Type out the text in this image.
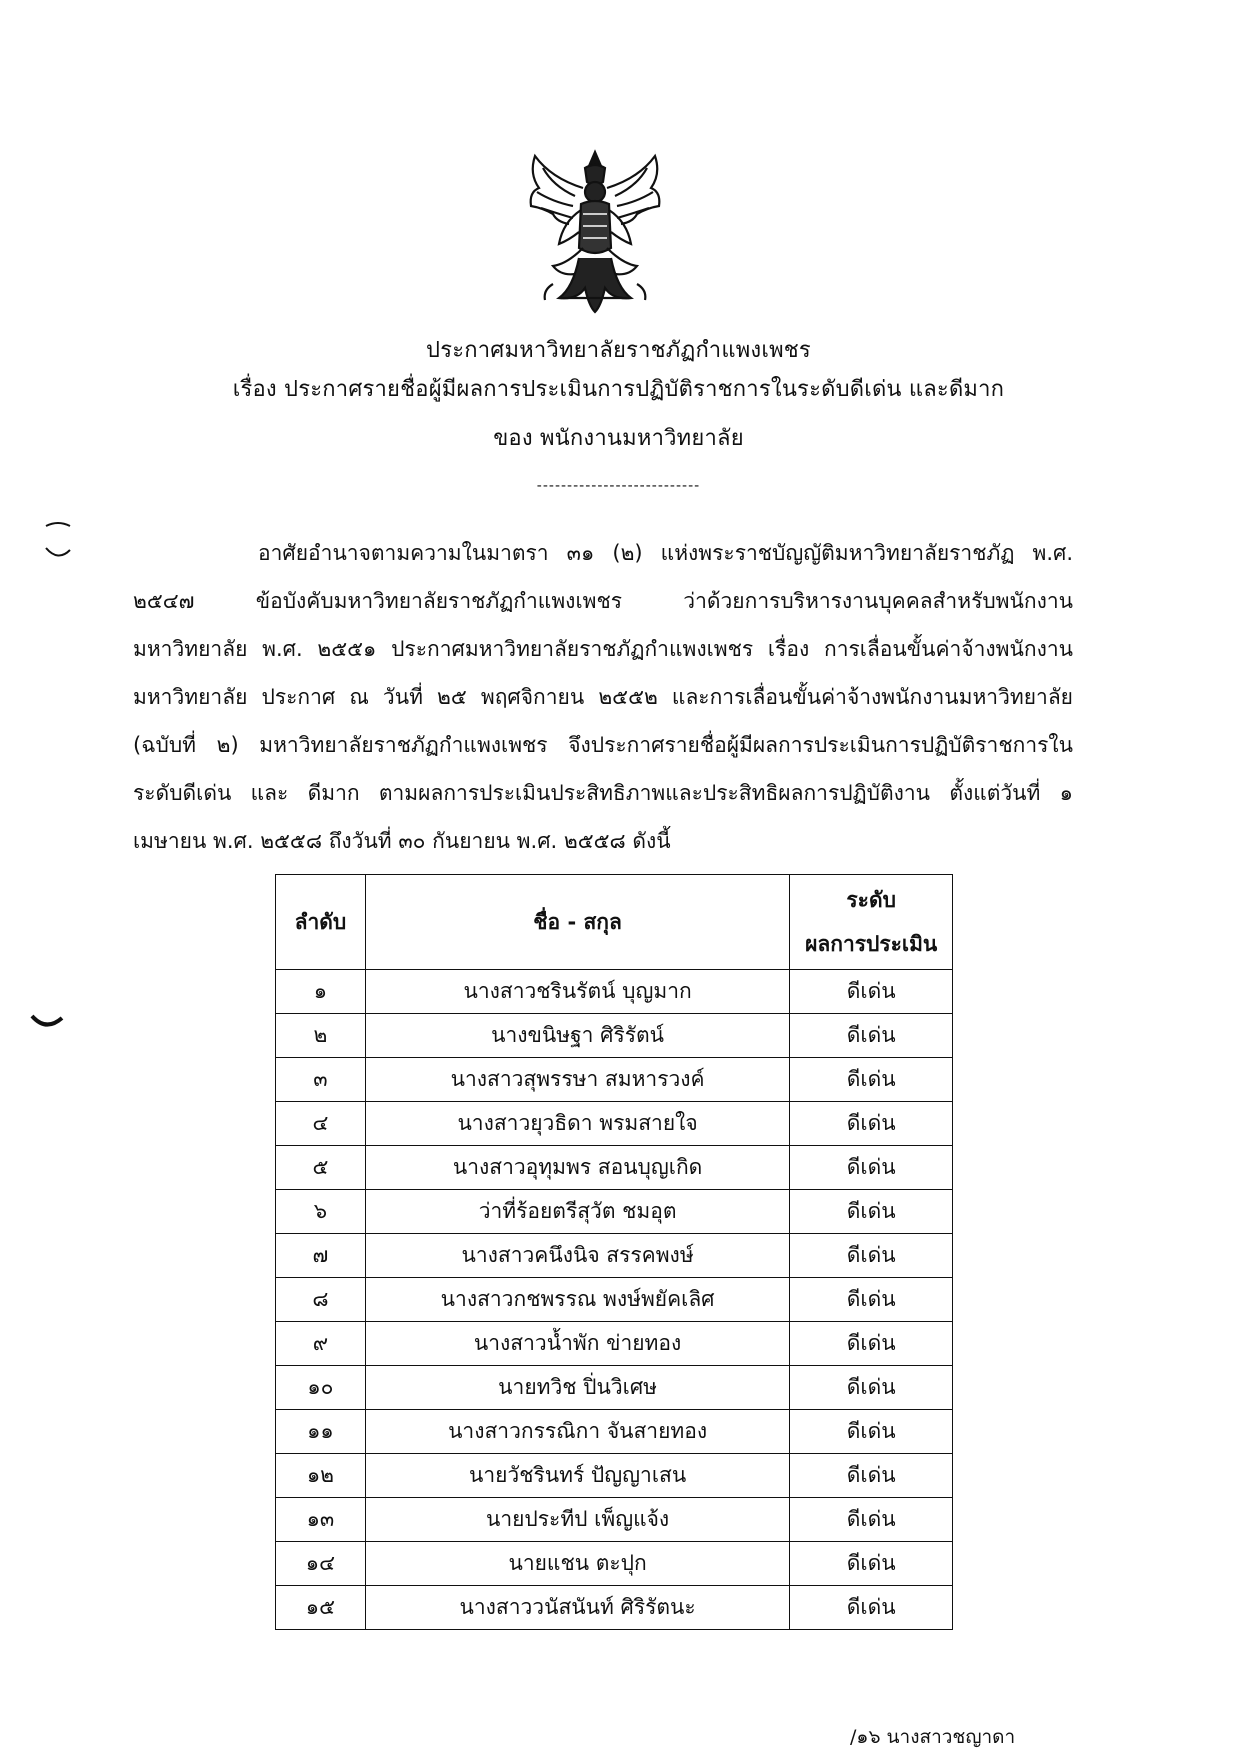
ประกาศมหาวิทยาลัยราชภัฏกำแพงเพชร
เรื่อง ประกาศรายชื่อผู้มีผลการประเมินการปฏิบัติราชการในระดับดีเด่น และดีมาก
ของ พนักงานมหาวิทยาลัย
---------------------------
อาศัยอำนาจตามความในมาตรา ๓๑ (๒) แห่งพระราชบัญญัติมหาวิทยาลัยราชภัฏ พ.ศ. ๒๕๔๗ ข้อบังคับมหาวิทยาลัยราชภัฏกำแพงเพชร ว่าด้วยการบริหารงานบุคคลสำหรับพนักงานมหาวิทยาลัย พ.ศ. ๒๕๕๑ ประกาศมหาวิทยาลัยราชภัฏกำแพงเพชร เรื่อง การเลื่อนขั้นค่าจ้างพนักงานมหาวิทยาลัย ประกาศ ณ วันที่ ๒๕ พฤศจิกายน ๒๕๕๒ และการเลื่อนขั้นค่าจ้างพนักงานมหาวิทยาลัย (ฉบับที่ ๒) มหาวิทยาลัยราชภัฏกำแพงเพชร จึงประกาศรายชื่อผู้มีผลการประเมินการปฏิบัติราชการในระดับดีเด่น และ ดีมาก ตามผลการประเมินประสิทธิภาพและประสิทธิผลการปฏิบัติงาน ตั้งแต่วันที่ ๑ เมษายน พ.ศ. ๒๕๕๘ ถึงวันที่ ๓๐ กันยายน พ.ศ. ๒๕๕๘ ดังนี้
ลำดับ	ชื่อ - สกุล	ระดับ
ผลการประเมิน

๑	นางสาวชรินรัตน์ บุญมาก	ดีเด่น
๒	นางขนิษฐา ศิริรัตน์	ดีเด่น
๓	นางสาวสุพรรษา สมหารวงค์	ดีเด่น
๔	นางสาวยุวธิดา พรมสายใจ	ดีเด่น
๕	นางสาวอุทุมพร สอนบุญเกิด	ดีเด่น
๖	ว่าที่ร้อยตรีสุวัต ชมอุต	ดีเด่น
๗	นางสาวคนึงนิจ สรรคพงษ์	ดีเด่น
๘	นางสาวกชพรรณ พงษ์พยัคเลิศ	ดีเด่น
๙	นางสาวน้ำพัก ข่ายทอง	ดีเด่น
๑๐	นายทวิช ปิ่นวิเศษ	ดีเด่น
๑๑	นางสาวกรรณิกา จันสายทอง	ดีเด่น
๑๒	นายวัชรินทร์ ปัญญาเสน	ดีเด่น
๑๓	นายประทีป เพ็ญแจ้ง	ดีเด่น
๑๔	นายแชน ตะปุก	ดีเด่น
๑๕	นางสาววนัสนันท์ ศิริรัตนะ	ดีเด่น
/๑๖ นางสาวชญาดา
